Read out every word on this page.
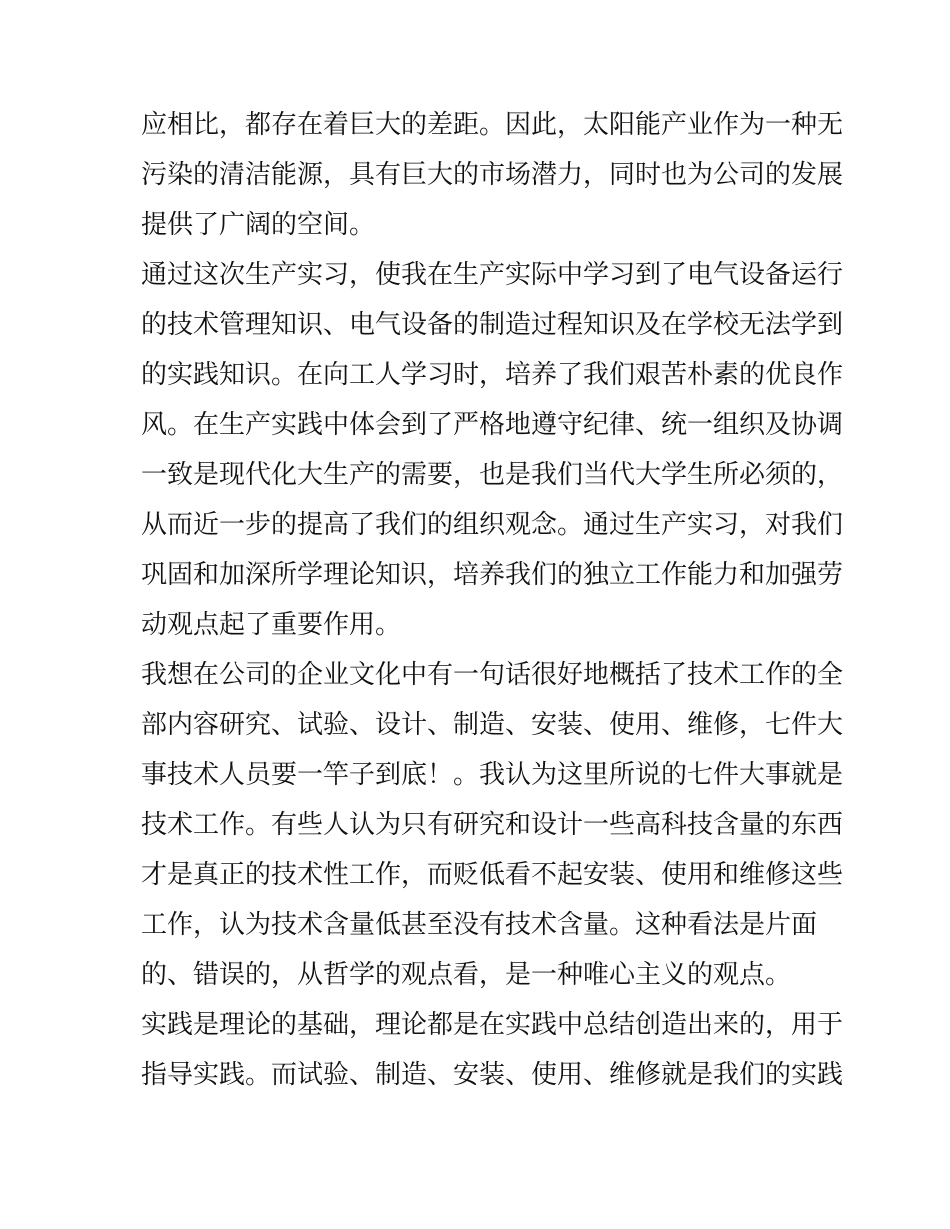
应相比，都存在着巨大的差距。因此，太阳能产业作为一种无
污染的清洁能源，具有巨大的市场潜力，同时也为公司的发展
提供了广阔的空间。
通过这次生产实习，使我在生产实际中学习到了电气设备运行
的技术管理知识、电气设备的制造过程知识及在学校无法学到
的实践知识。在向工人学习时，培养了我们艰苦朴素的优良作
风。在生产实践中体会到了严格地遵守纪律、统一组织及协调
一致是现代化大生产的需要，也是我们当代大学生所必须的，
从而近一步的提高了我们的组织观念。通过生产实习，对我们
巩固和加深所学理论知识，培养我们的独立工作能力和加强劳
动观点起了重要作用。
我想在公司的企业文化中有一句话很好地概括了技术工作的全
部内容研究、试验、设计、制造、安装、使用、维修，七件大
事技术人员要一竿子到底！。我认为这里所说的七件大事就是
技术工作。有些人认为只有研究和设计一些高科技含量的东西
才是真正的技术性工作，而贬低看不起安装、使用和维修这些
工作，认为技术含量低甚至没有技术含量。这种看法是片面
的、错误的，从哲学的观点看，是一种唯心主义的观点。
实践是理论的基础，理论都是在实践中总结创造出来的，用于
指导实践。而试验、制造、安装、使用、维修就是我们的实践
